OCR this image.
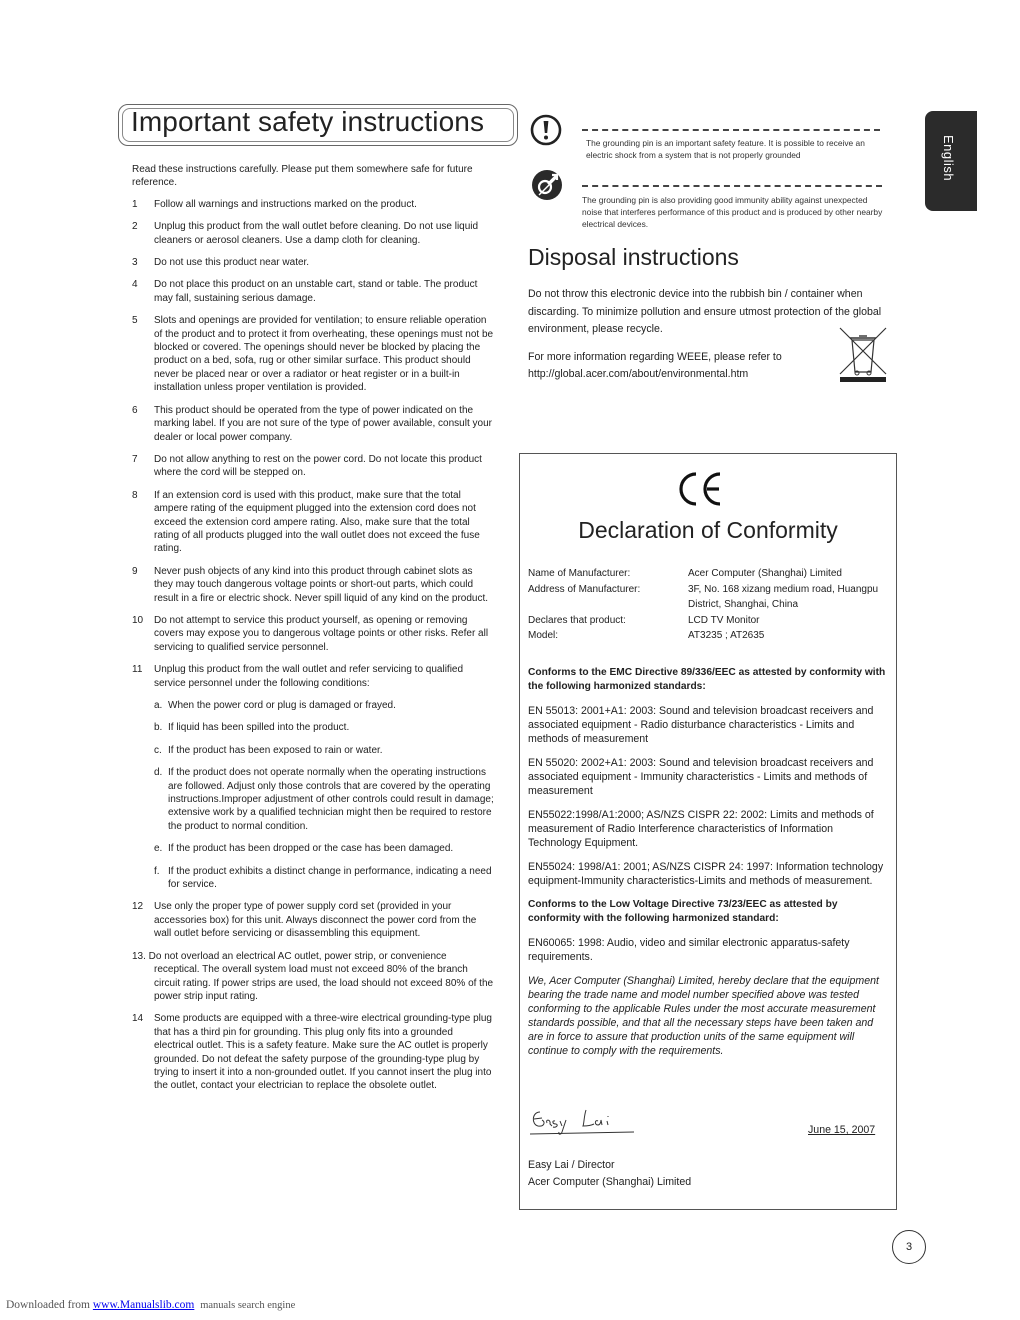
Important safety instructions

Read these instructions carefully. Please put them somewhere safe for future reference.

1	Follow all warnings and instructions marked on the product.
2	Unplug this product from the wall outlet before cleaning. Do not use liquid cleaners or aerosol cleaners. Use a damp cloth for cleaning.
3	Do not use this product near water.
4	Do not place this product on an unstable cart, stand or table. The product may fall, sustaining serious damage.
5	Slots and openings are provided for ventilation; to ensure reliable operation of the product and to protect it from overheating, these openings must not be blocked or covered. The openings should never be blocked by placing the product on a bed, sofa, rug or other similar surface. This product should never be placed near or over a radiator or heat register or in a built-in installation unless proper ventilation is provided.
6	This product should be operated from the type of power indicated on the marking label. If you are not sure of the type of power available, consult your dealer or local power company.
7	Do not allow anything to rest on the power cord. Do not locate this product where the cord will be stepped on.
8	If an extension cord is used with this product, make sure that the total ampere rating of the equipment plugged into the extension cord does not exceed the extension cord ampere rating. Also, make sure that the total rating of all products plugged into the wall outlet does not exceed the fuse rating.
9	Never push objects of any kind into this product through cabinet slots as they may touch dangerous voltage points or short-out parts, which could result in a fire or electric shock. Never spill liquid of any kind on the product.
10	Do not attempt to service this product yourself, as opening or removing covers may expose you to dangerous voltage points or other risks. Refer all servicing to qualified service personnel.
11	Unplug this product from the wall outlet and refer servicing to qualified service personnel under the following conditions:
a. When the power cord or plug is damaged or frayed.
b. If liquid has been spilled into the product.
c. If the product has been exposed to rain or water.
d. If the product does not operate normally when the operating instructions are followed. Adjust only those controls that are covered by the operating instructions.Improper adjustment of other controls could result in damage; extensive work by a qualified technician might then be required to restore the product to normal condition.
e. If the product has been dropped or the case has been damaged.
f. If the product exhibits a distinct change in performance, indicating a need for service.
12	Use only the proper type of power supply cord set (provided in your accessories box) for this unit. Always disconnect the power cord from the wall outlet before servicing or disassembling this equipment.
13. Do not overload an electrical AC outlet, power strip, or convenience receptical. The overall system load must not exceed 80% of the branch circuit rating. If power strips are used, the load should not exceed 80% of the power strip input rating.
14	Some products are equipped with a three-wire electrical grounding-type plug that has a third pin for grounding. This plug only fits into a grounded electrical outlet. This is a safety feature. Make sure the AC outlet is properly grounded. Do not defeat the safety purpose of the grounding-type plug by trying to insert it into a non-grounded outlet. If you cannot insert the plug into the outlet, contact your electrician to replace the obsolete outlet.
The grounding pin is an important safety feature. It is possible to receive an electric shock from a system that is not properly grounded
The grounding pin is also providing good immunity ability against unexpected noise that interferes performance of this product and is produced by other nearby electrical devices.
Disposal instructions

Do not throw this electronic device into the rubbish bin / container when discarding. To minimize pollution and ensure utmost protection of the global environment, please recycle.

For more information regarding WEEE, please refer to
http://global.acer.com/about/environmental.htm

English
Declaration of Conformity
Name of Manufacturer:	Acer Computer (Shanghai) Limited
Address of Manufacturer:	3F, No. 168 xizang medium road, Huangpu District, Shanghai, China
Declares that product:	LCD TV Monitor
Model:	AT3235 ; AT2635

Conforms to the EMC Directive 89/336/EEC as attested by conformity with the following harmonized standards:

EN 55013: 2001+A1: 2003: Sound and television broadcast receivers and associated equipment - Radio disturbance characteristics - Limits and methods of measurement

EN 55020: 2002+A1: 2003: Sound and television broadcast receivers and associated equipment - Immunity characteristics - Limits and methods of measurement

EN55022:1998/A1:2000; AS/NZS CISPR 22: 2002: Limits and methods of measurement of Radio Interference characteristics of Information Technology Equipment.

EN55024: 1998/A1: 2001; AS/NZS CISPR 24: 1997: Information technology equipment-Immunity characteristics-Limits and methods of measurement.

Conforms to the Low Voltage Directive 73/23/EEC as attested by conformity with the following harmonized standard:

EN60065: 1998: Audio, video and similar electronic apparatus-safety requirements.

We, Acer Computer (Shanghai) Limited, hereby declare that the equipment bearing the trade name and model number specified above was tested conforming to the applicable Rules under the most accurate measurement standards possible, and that all the necessary steps have been taken and are in force to assure that production units of the same equipment will continue to comply with the requirements.

June 15, 2007
Easy Lai / Director
Acer Computer (Shanghai) Limited
3
Downloaded from www.Manualslib.com manuals search engine
